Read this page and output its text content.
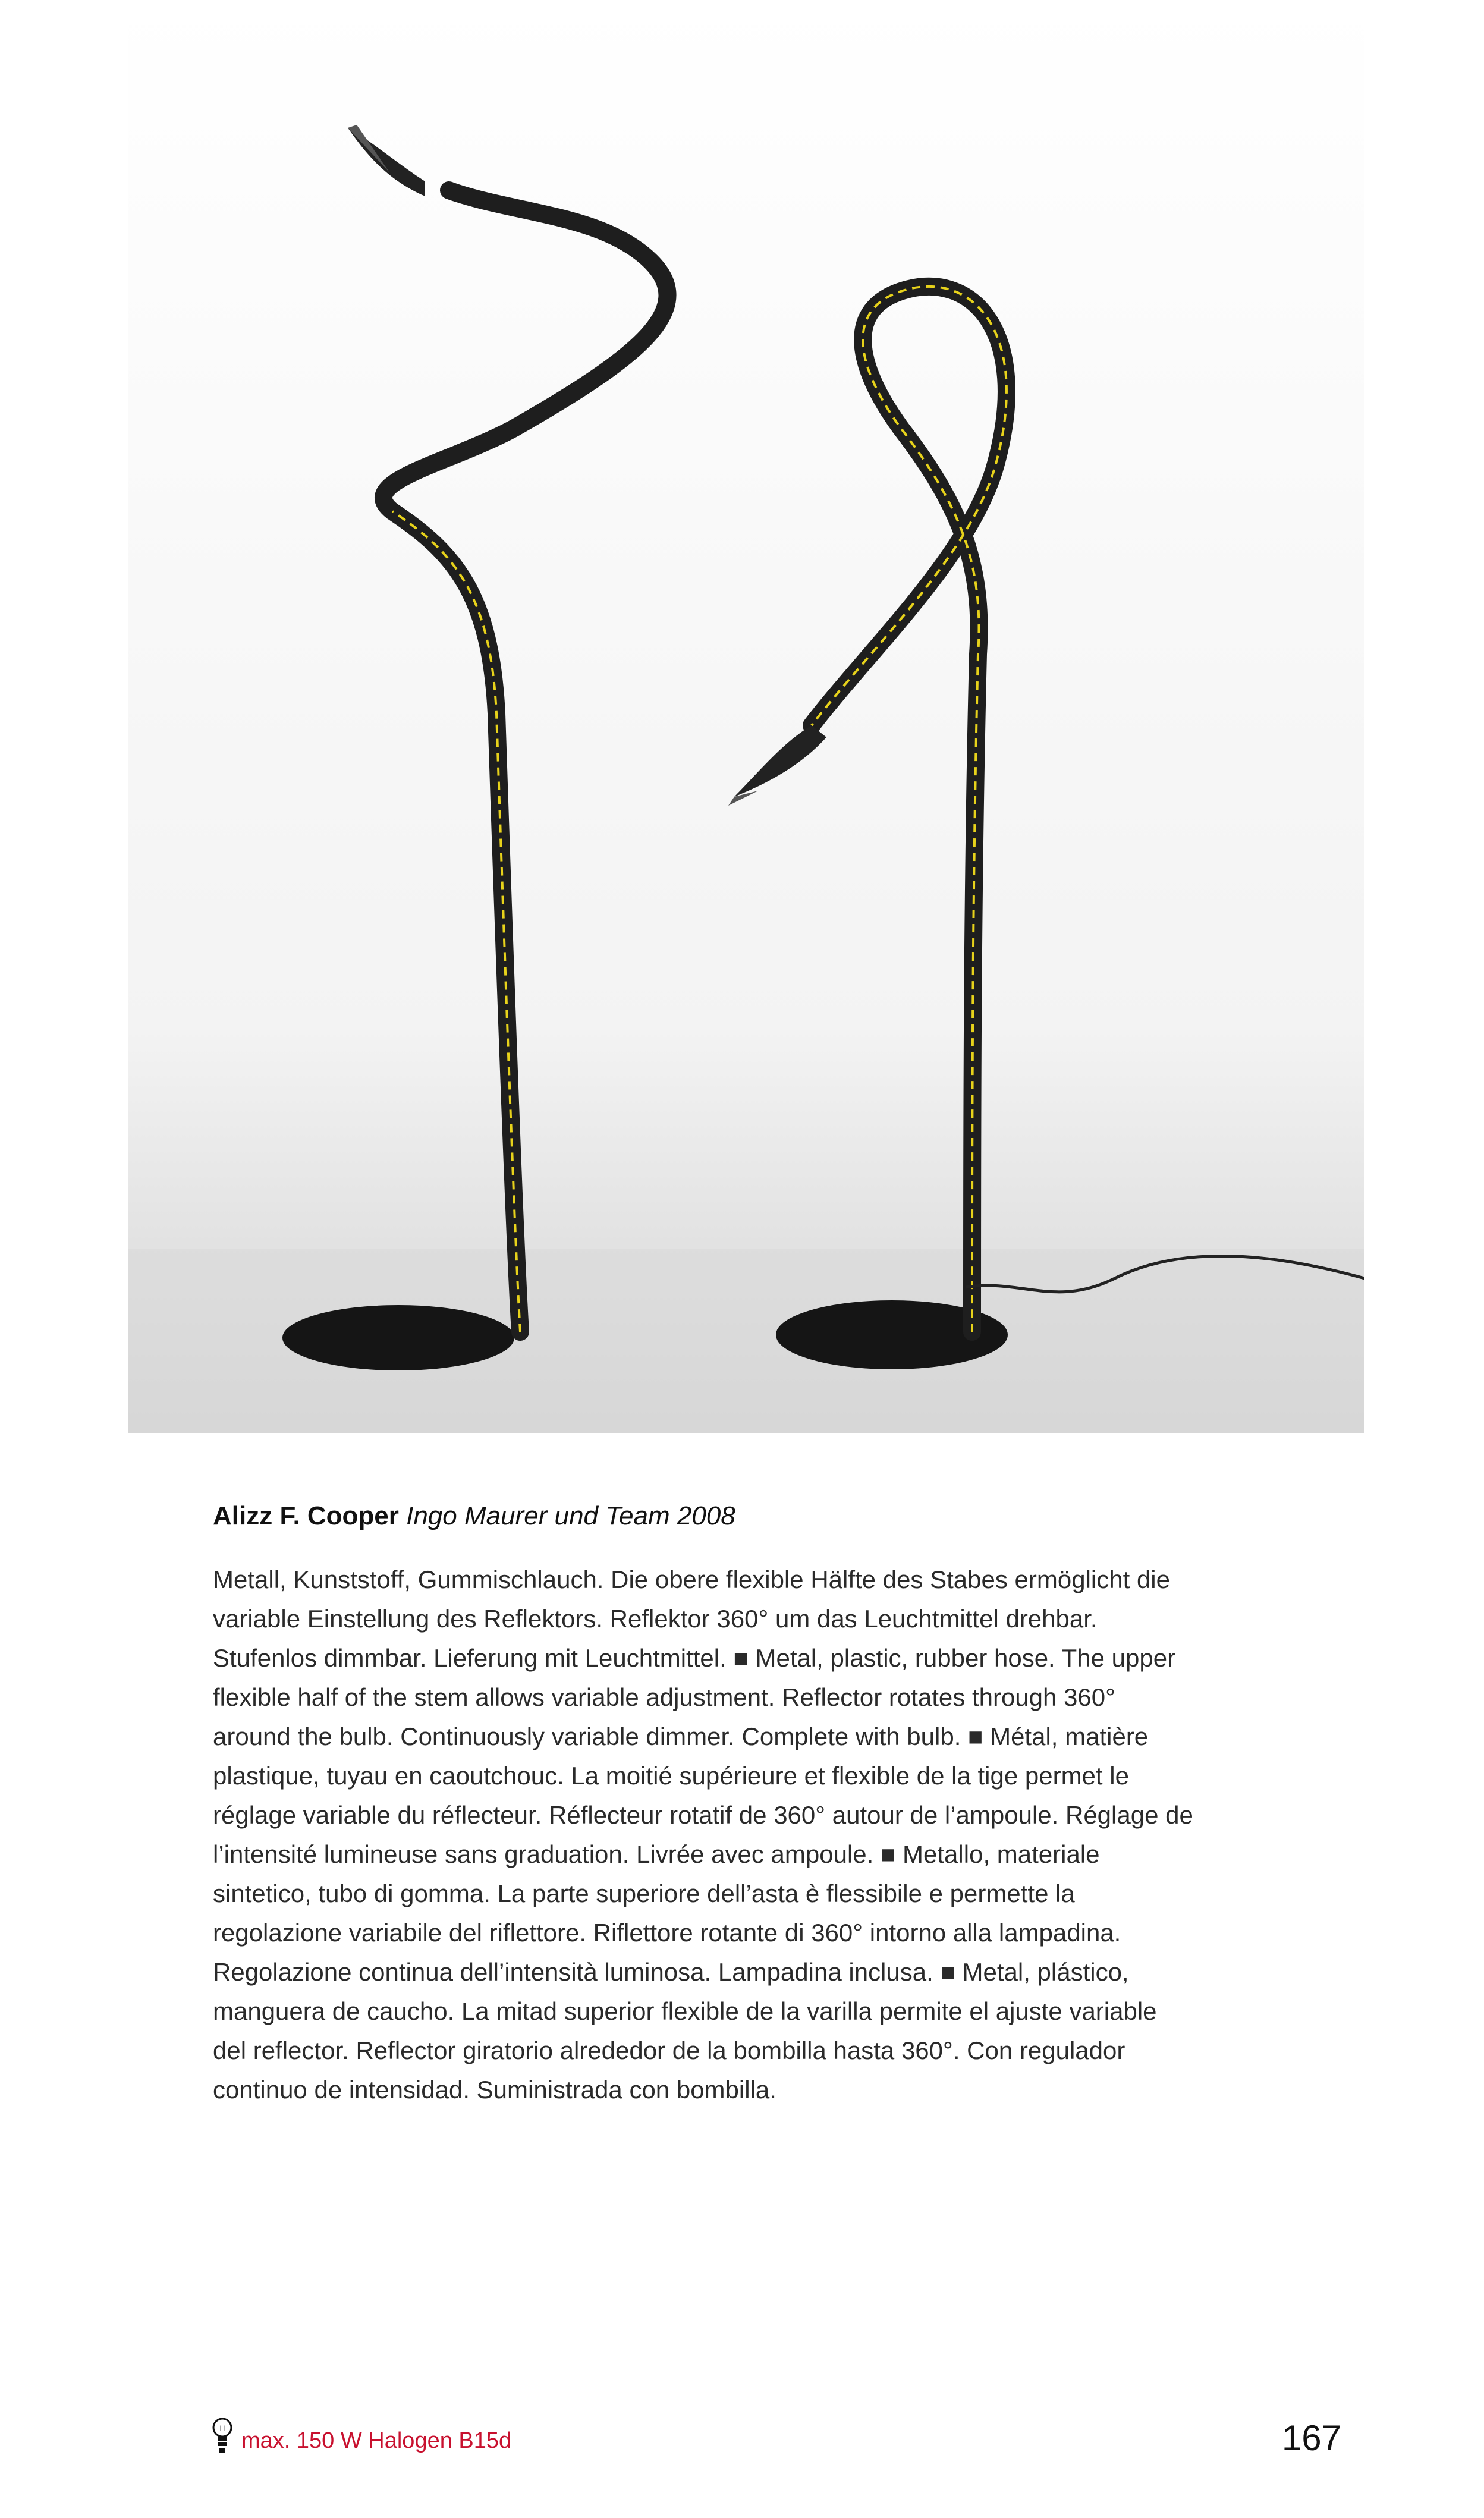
Alizz F. Cooper Ingo Maurer und Team 2008

Metall, Kunststoff, Gummischlauch. Die obere flexible Hälfte des Stabes ermöglicht die variable Einstellung des Reflektors. Reflektor 360° um das Leuchtmittel drehbar. Stufenlos dimmbar. Lieferung mit Leuchtmittel. ■ Metal, plastic, rubber hose. The upper flexible half of the stem allows variable adjustment. Reflector rotates through 360° around the bulb. Continuously variable dimmer. Complete with bulb. ■ Métal, matière plastique, tuyau en caoutchouc. La moitié supérieure et flexible de la tige permet le réglage variable du réflecteur. Réflecteur rotatif de 360° autour de l’ampoule. Réglage de l’intensité lumineuse sans graduation. Livrée avec ampoule. ■ Metallo, materiale sintetico, tubo di gomma. La parte superiore dell’asta è flessibile e permette la regolazione variabile del riflettore. Riflettore rotante di 360° intorno alla lampadina. Regolazione continua dell’intensità luminosa. Lampadina inclusa. ■ Metal, plástico, manguera de caucho. La mitad superior flexible de la varilla permite el ajuste variable del reflector. Reflector giratorio alrededor de la bombilla hasta 360°. Con regulador continuo de intensidad. Suministrada con bombilla.

H max. 150 W Halogen B15d	167
